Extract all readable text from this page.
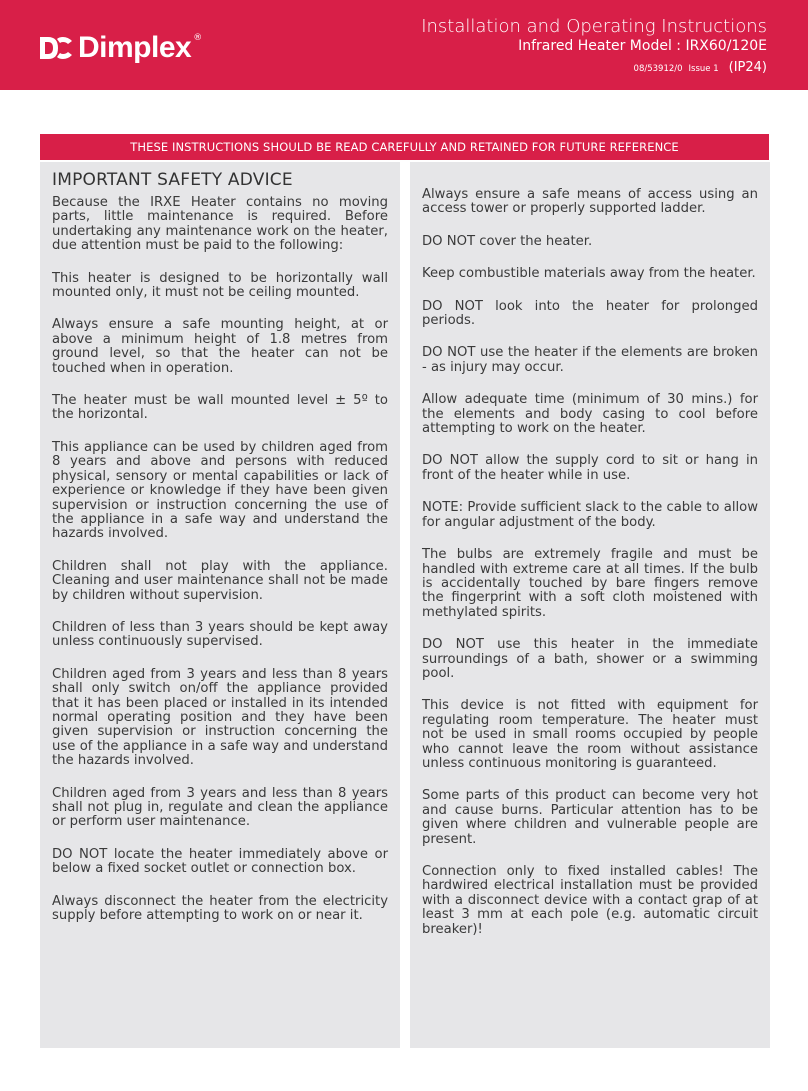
Dimplex ®
Installation and Operating Instructions
Infrared Heater Model : IRX60/120E
08/53912/0 Issue 1 (IP24)
THESE INSTRUCTIONS SHOULD BE READ CAREFULLY AND RETAINED FOR FUTURE REFERENCE
IMPORTANT SAFETY ADVICE

Because the IRXE Heater contains no moving parts, little maintenance is required. Before undertaking any maintenance work on the heater, due attention must be paid to the following:

This heater is designed to be horizontally wall mounted only, it must not be ceiling mounted.

Always ensure a safe mounting height, at or above a minimum height of 1.8 metres from ground level, so that the heater can not be touched when in operation.

The heater must be wall mounted level ± 5º to the horizontal.

This appliance can be used by children aged from 8 years and above and persons with reduced physical, sensory or mental capabilities or lack of experience or knowledge if they have been given supervision or instruction concerning the use of the appliance in a safe way and understand the hazards involved.

Children shall not play with the appliance. Cleaning and user maintenance shall not be made by children without supervision.

Children of less than 3 years should be kept away unless continuously supervised.

Children aged from 3 years and less than 8 years shall only switch on/off the appliance provided that it has been placed or installed in its intended normal operating position and they have been given supervision or instruction concerning the use of the appliance in a safe way and understand the hazards involved.

Children aged from 3 years and less than 8 years shall not plug in, regulate and clean the appliance or perform user maintenance.

DO NOT locate the heater immediately above or below a fixed socket outlet or connection box.

Always disconnect the heater from the electricity supply before attempting to work on or near it.

Always ensure a safe means of access using an access tower or properly supported ladder.

DO NOT cover the heater.

Keep combustible materials away from the heater.

DO NOT look into the heater for prolonged periods.

DO NOT use the heater if the elements are broken - as injury may occur.

Allow adequate time (minimum of 30 mins.) for the elements and body casing to cool before attempting to work on the heater.

DO NOT allow the supply cord to sit or hang in front of the heater while in use.

NOTE: Provide sufficient slack to the cable to allow for angular adjustment of the body.

The bulbs are extremely fragile and must be handled with extreme care at all times. If the bulb is accidentally touched by bare fingers remove the fingerprint with a soft cloth moistened with methylated spirits.

DO NOT use this heater in the immediate surroundings of a bath, shower or a swimming pool.

This device is not fitted with equipment for regulating room temperature. The heater must not be used in small rooms occupied by people who cannot leave the room without assistance unless continuous monitoring is guaranteed.

Some parts of this product can become very hot and cause burns. Particular attention has to be given where children and vulnerable people are present.

Connection only to fixed installed cables! The hardwired electrical installation must be provided with a disconnect device with a contact grap of at least 3 mm at each pole (e.g. automatic circuit breaker)!
